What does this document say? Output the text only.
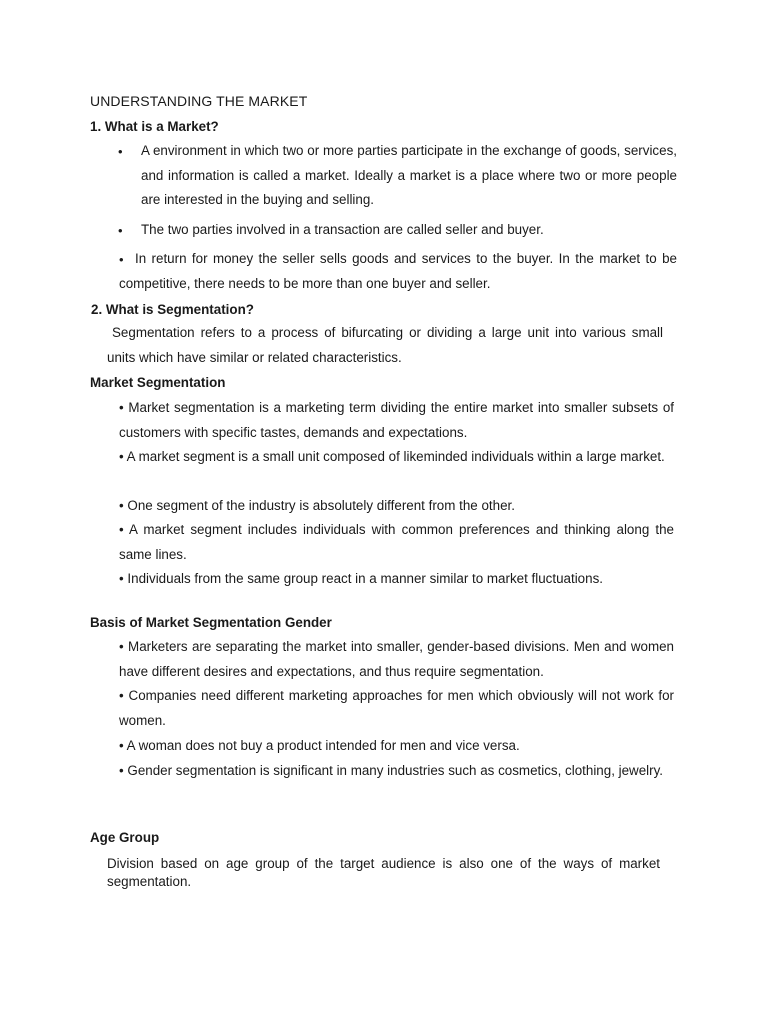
UNDERSTANDING THE MARKET
1. What is a Market?
• A environment in which two or more parties participate in the exchange of goods, services, and information is called a market. Ideally a market is a place where two or more people are interested in the buying and selling.

• The two parties involved in a transaction are called seller and buyer.

• In return for money the seller sells goods and services to the buyer. In the market to be competitive, there needs to be more than one buyer and seller.

2. What is Segmentation?

Segmentation refers to a process of bifurcating or dividing a large unit into various small units which have similar or related characteristics.

Market Segmentation

• Market segmentation is a marketing term dividing the entire market into smaller subsets of customers with specific tastes, demands and expectations.

• A market segment is a small unit composed of likeminded individuals within a large market.

• One segment of the industry is absolutely different from the other.

• A market segment includes individuals with common preferences and thinking along the same lines.

• Individuals from the same group react in a manner similar to market fluctuations.

Basis of Market Segmentation Gender

• Marketers are separating the market into smaller, gender-based divisions. Men and women have different desires and expectations, and thus require segmentation.

• Companies need different marketing approaches for men which obviously will not work for women.

• A woman does not buy a product intended for men and vice versa.

• Gender segmentation is significant in many industries such as cosmetics, clothing, jewelry.

Age Group

Division based on age group of the target audience is also one of the ways of market segmentation.
